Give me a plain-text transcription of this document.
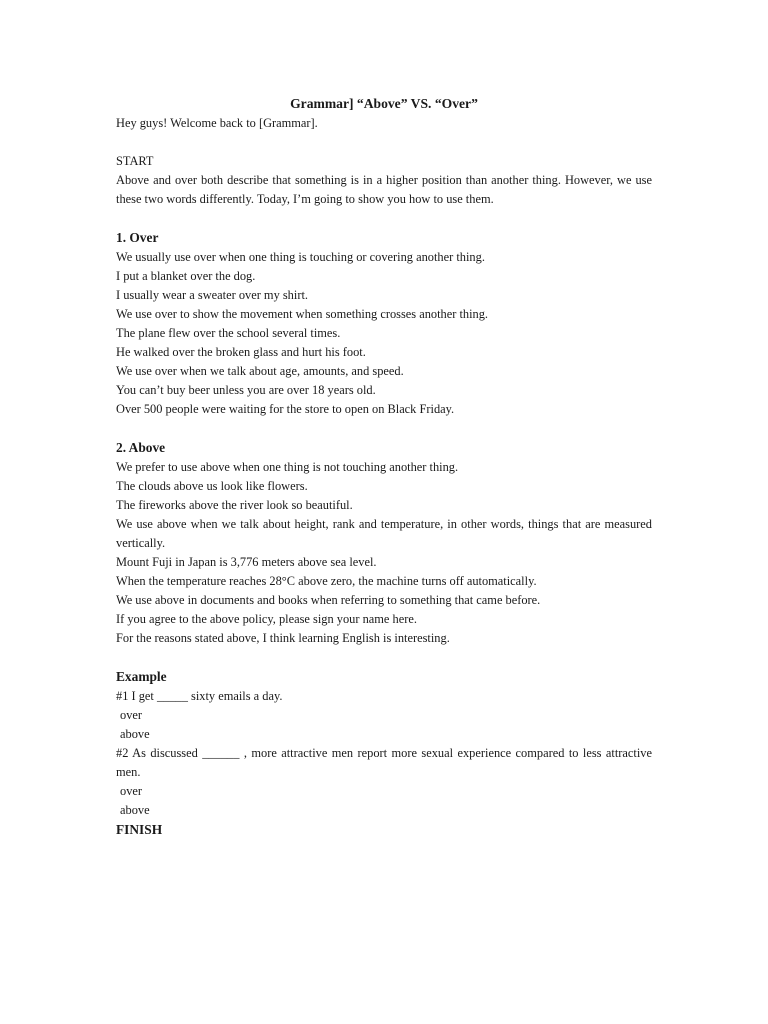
Grammar] “Above” VS. “Over”

Hey guys! Welcome back to [Grammar].

START

Above and over both describe that something is in a higher position than another thing. However, we use these two words differently. Today, I’m going to show you how to use them.

1. Over

We usually use over when one thing is touching or covering another thing.

I put a blanket over the dog.

I usually wear a sweater over my shirt.

We use over to show the movement when something crosses another thing.

The plane flew over the school several times.

He walked over the broken glass and hurt his foot.

We use over when we talk about age, amounts, and speed.

You can’t buy beer unless you are over 18 years old.

Over 500 people were waiting for the store to open on Black Friday.

2. Above

We prefer to use above when one thing is not touching another thing.

The clouds above us look like flowers.

The fireworks above the river look so beautiful.

We use above when we talk about height, rank and temperature, in other words, things that are measured vertically.

Mount Fuji in Japan is 3,776 meters above sea level.

When the temperature reaches 28°C above zero, the machine turns off automatically.

We use above in documents and books when referring to something that came before.

If you agree to the above policy, please sign your name here.

For the reasons stated above, I think learning English is interesting.

Example

#1 I get _____ sixty emails a day.

over

above

#2 As discussed ______ , more attractive men report more sexual experience compared to less attractive men.

over

above

FINISH
